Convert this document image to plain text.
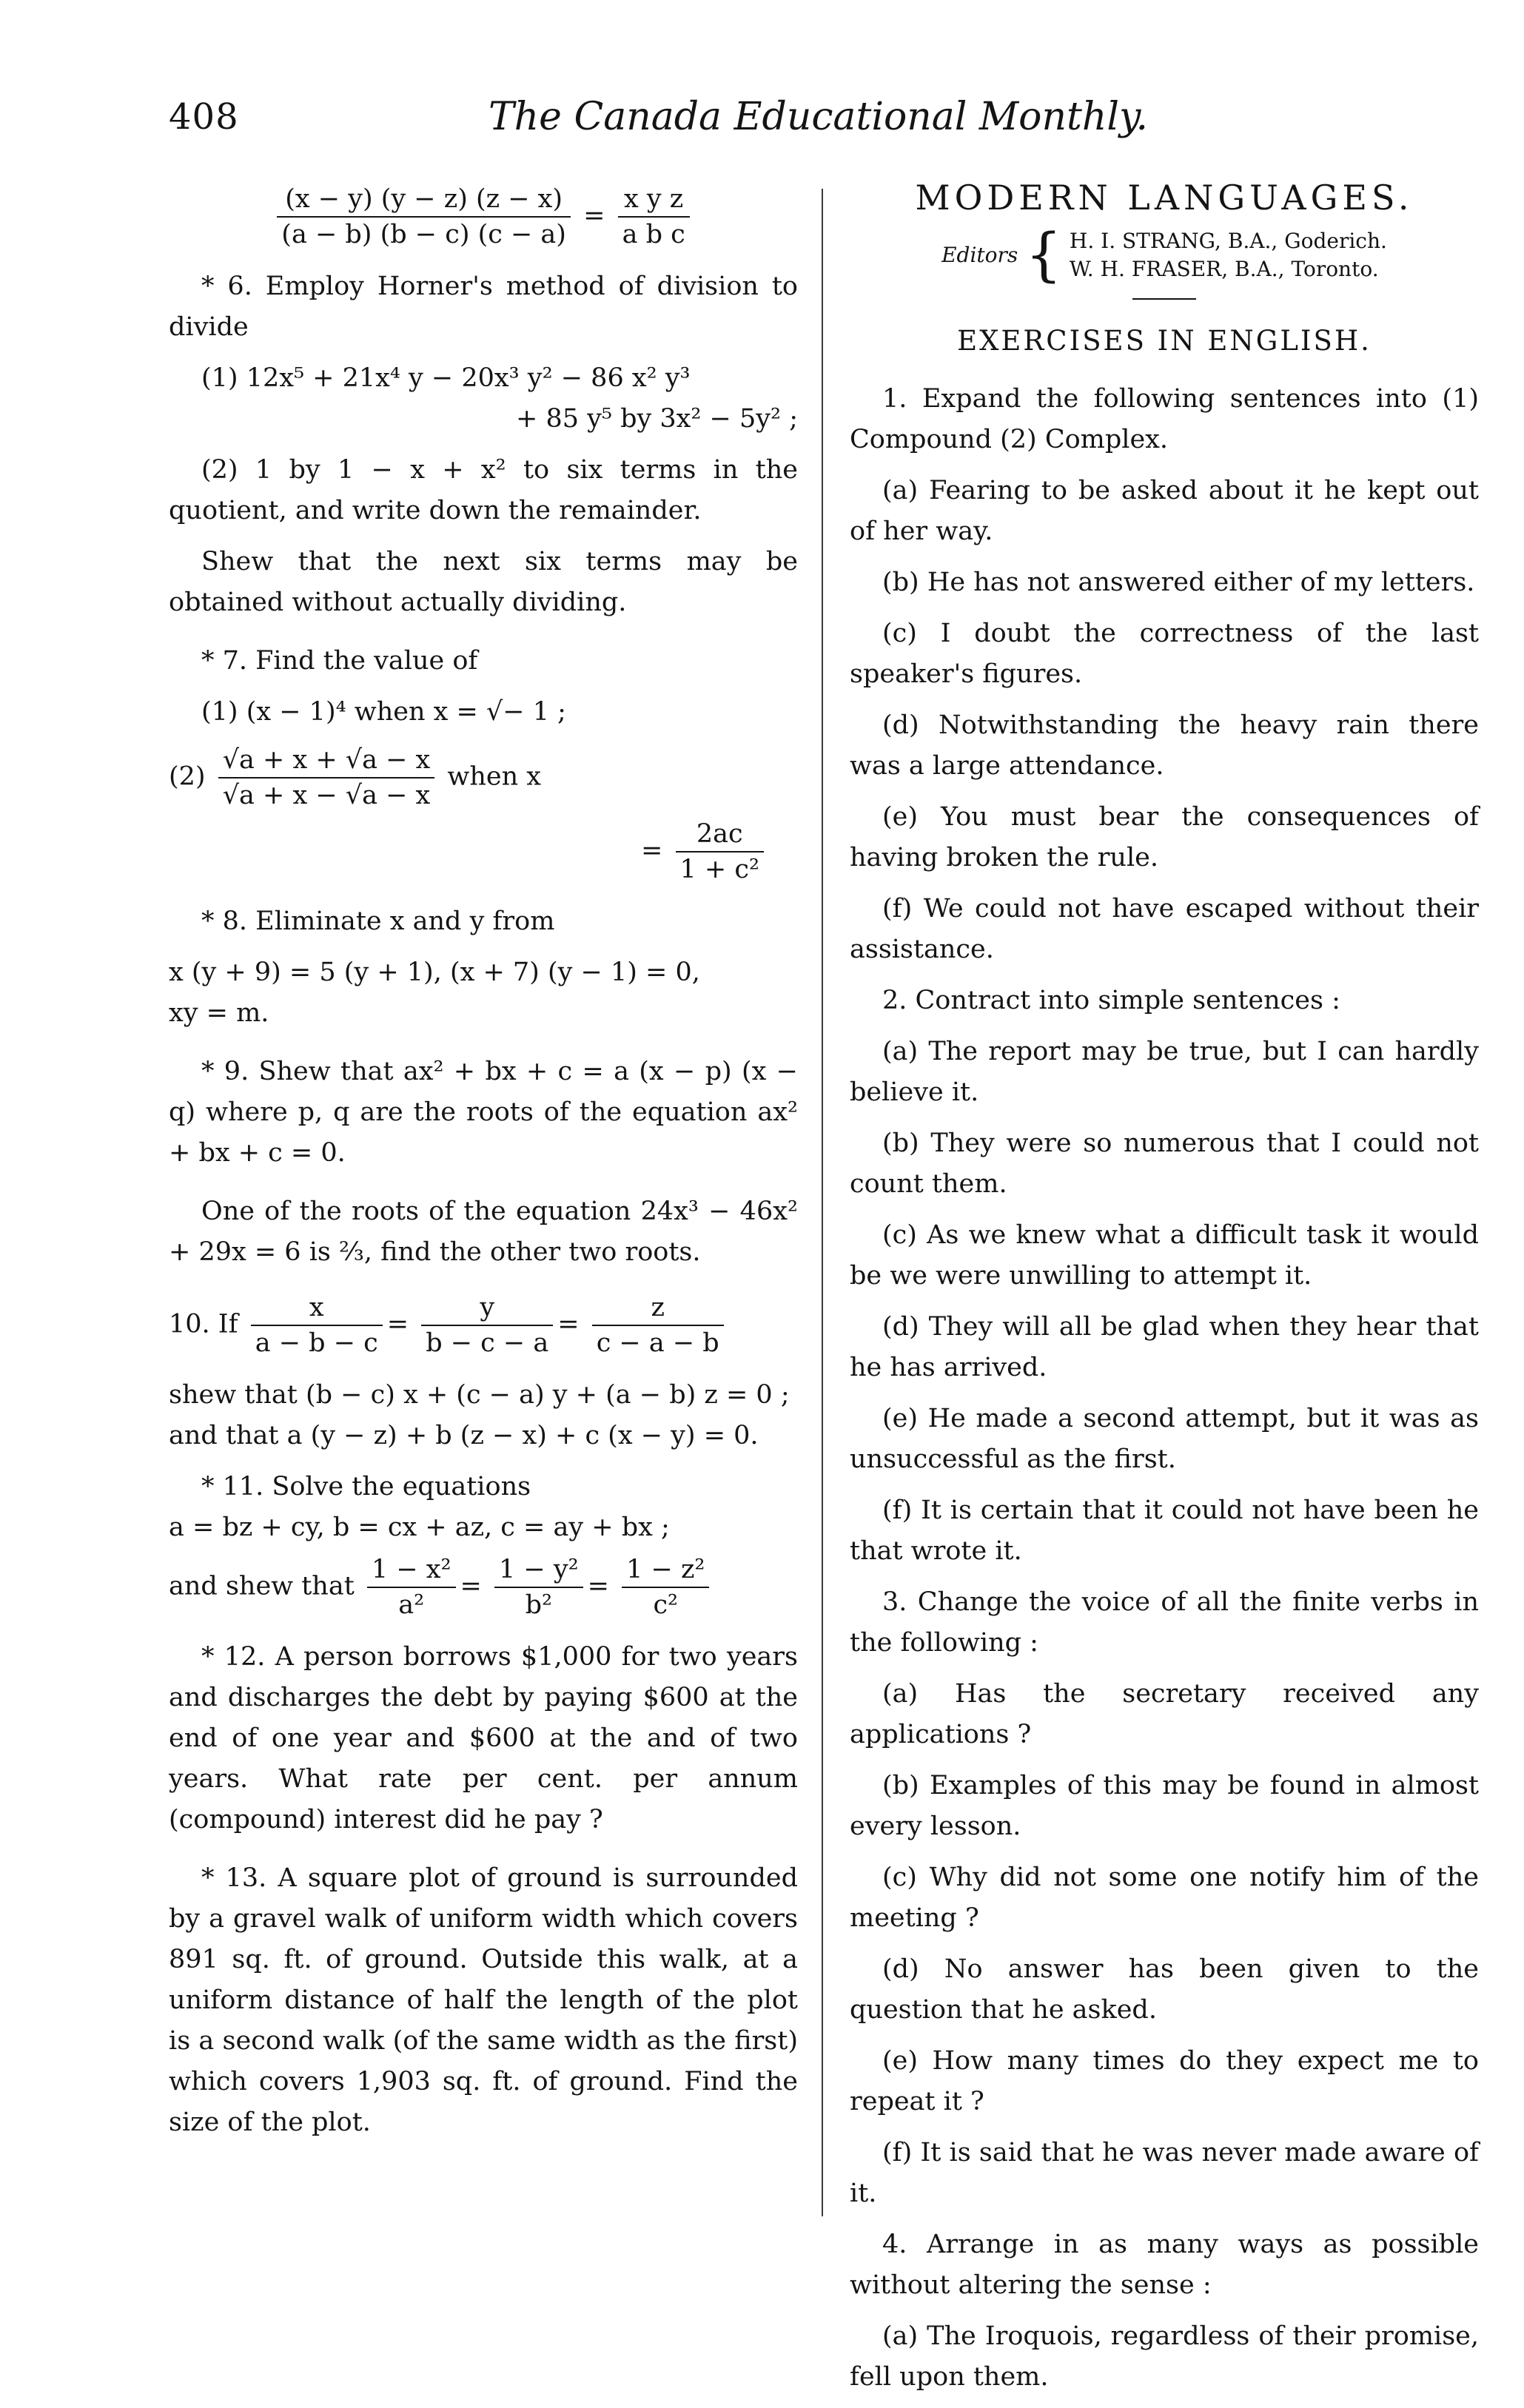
408	The Canada Educational Monthly.
$\frac{(x - y) (y - z) (z - x)}{(a - b) (b - c) (c - a)} = \frac{\text{x y z}}{\text{a b c}}$

* 6. Employ Horner's method of division to divide

(1) 12x⁵ + 21x⁴ y − 20x³ y² − 86 x² y³

+ 85 y⁵ by 3x² − 5y² ;

(2) 1 by 1 − x + x² to six terms in the quotient, and write down the remainder.

Shew that the next six terms may be obtained without actually dividing.

* 7. Find the value of

(1) (x − 1)⁴ when x = √− 1 ;

$(2) \frac{√a + x + √a - x}{√a + x - √a - x}$ when x
= $\frac{2ac}{\text{1 + c²}}$

* 8. Eliminate x and y from

x (y + 9) = 5 (y + 1), (x + 7) (y − 1) = 0,

xy = m.

* 9. Shew that ax² + bx + c = a (x − p) (x − q) where p, q are the roots of the equation ax² + bx + c = 0.

One of the roots of the equation 24x³ − 46x² + 29x = 6 is ⅔, find the other two roots.

10. If $\frac{x}{a - b - c} = \frac{y}{b - c - a} = \frac{z}{c - a - b}$

shew that (b − c) x + (c − a) y + (a − b) z = 0 ;

and that a (y − z) + b (z − x) + c (x − y) = 0.

* 11. Solve the equations

a = bz + cy, b = cx + az, c = ay + bx ;

and shew that $\frac{\text{1 − x²}}{\text{a²}} = \frac{\text{1 − y²}}{\text{b²}} = \frac{\text{1 − z²}}{\text{c²}}$

* 12. A person borrows $1,000 for two years and discharges the debt by paying $600 at the end of one year and $600 at the and of two years. What rate per cent. per annum (compound) interest did he pay ?

* 13. A square plot of ground is surrounded by a gravel walk of uniform width which covers 891 sq. ft. of ground. Outside this walk, at a uniform distance of half the length of the plot is a second walk (of the same width as the first) which covers 1,903 sq. ft. of ground. Find the size of the plot.

MODERN LANGUAGES.
Editors { H. I. STRANG, B.A., Goderich.
W. H. FRASER, B.A., Toronto.
EXERCISES IN ENGLISH.

1. Expand the following sentences into (1) Compound (2) Complex.

(a) Fearing to be asked about it he kept out of her way.

(b) He has not answered either of my letters.

(c) I doubt the correctness of the last speaker's figures.

(d) Notwithstanding the heavy rain there was a large attendance.

(e) You must bear the consequences of having broken the rule.

(f) We could not have escaped without their assistance.

2. Contract into simple sentences :

(a) The report may be true, but I can hardly believe it.

(b) They were so numerous that I could not count them.

(c) As we knew what a difficult task it would be we were unwilling to attempt it.

(d) They will all be glad when they hear that he has arrived.

(e) He made a second attempt, but it was as unsuccessful as the first.

(f) It is certain that it could not have been he that wrote it.

3. Change the voice of all the finite verbs in the following :

(a) Has the secretary received any applications ?

(b) Examples of this may be found in almost every lesson.

(c) Why did not some one notify him of the meeting ?

(d) No answer has been given to the question that he asked.

(e) How many times do they expect me to repeat it ?

(f) It is said that he was never made aware of it.

4. Arrange in as many ways as possible without altering the sense :

(a) The Iroquois, regardless of their promise, fell upon them.
